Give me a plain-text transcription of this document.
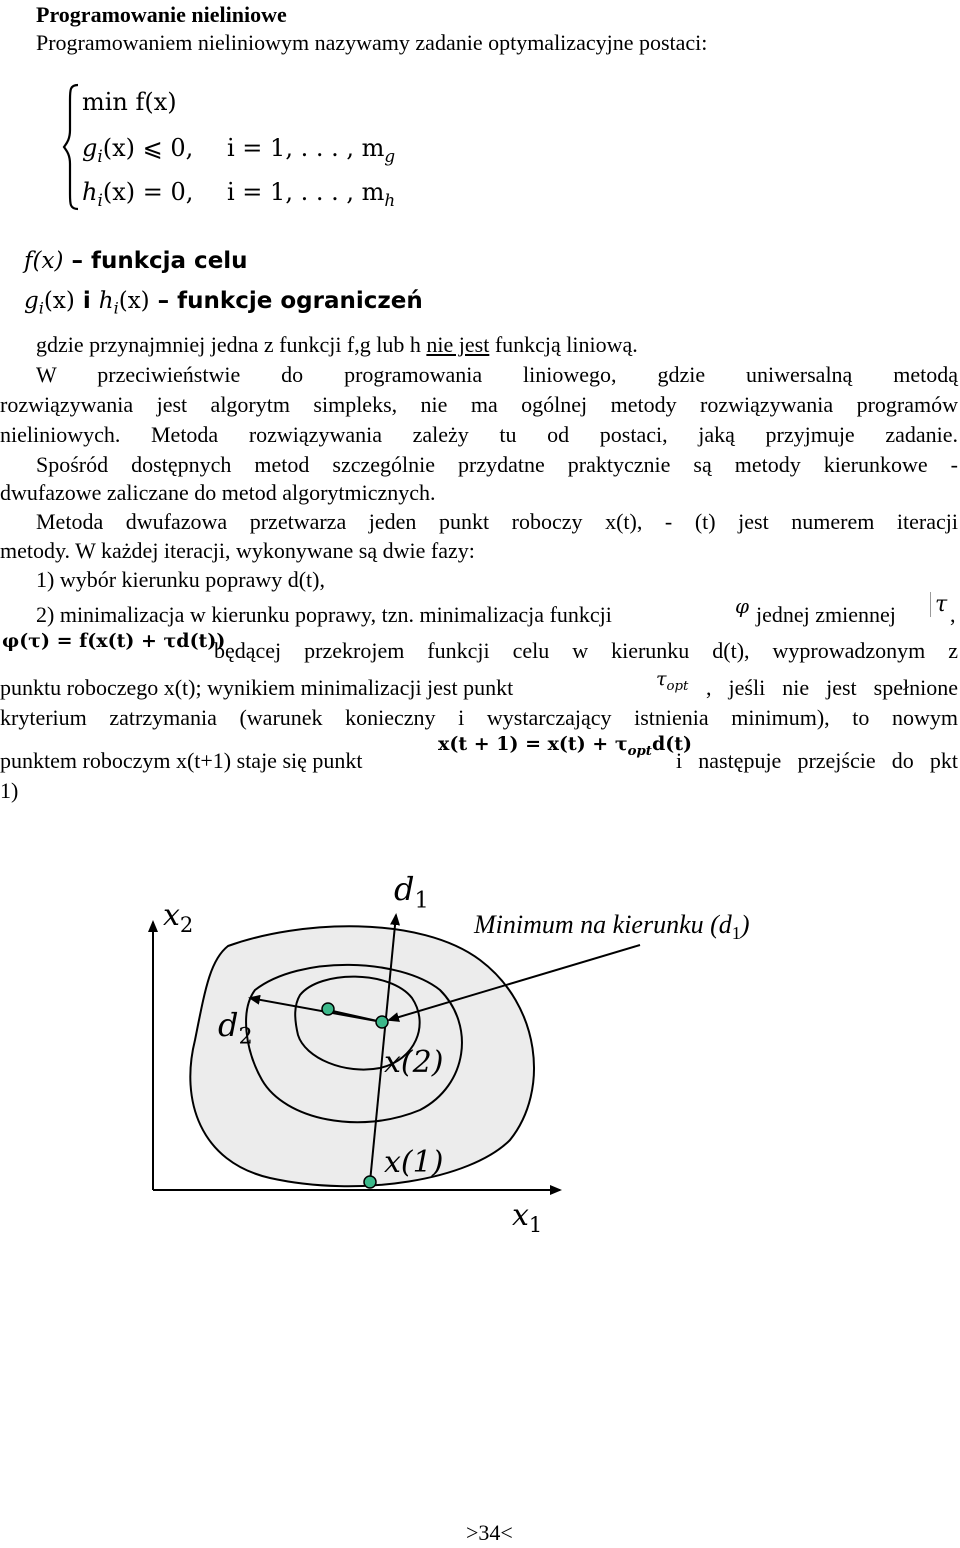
Programowanie nieliniowe
Programowaniem nieliniowym nazywamy zadanie optymalizacyjne postaci:
min f(x)
$g_i(x)$ ⩽ 0, i = 1, . . . , $m_g$
$h_i(x) = 0$, i = 1, . . . , $m_h$
f(x) – funkcja celu
$g_i(x)$ i $h_i(x)$ – funkcje ograniczeń
gdzie przynajmniej jedna z funkcji f,g lub h nie jest funkcją liniową.
W przeciwieństwie do programowania liniowego, gdzie uniwersalną metodą
rozwiązywania jest algorytm simpleks, nie ma ogólnej metody rozwiązywania programów
nieliniowych. Metoda rozwiązywania zależy tu od postaci, jaką przyjmuje zadanie.
Spośród dostępnych metod szczególnie przydatne praktycznie są metody kierunkowe -
dwufazowe zaliczane do metod algorytmicznych.
Metoda dwufazowa przetwarza jeden punkt roboczy x(t), - (t) jest numerem iteracji
metody. W każdej iteracji, wykonywane są dwie fazy:
1) wybór kierunku poprawy d(t),
2) minimalizacja w kierunku poprawy, tzn. minimalizacja funkcji	φ jednej zmiennej τ ,
φ(τ) = f(x(t) + τd(t))
będącej przekrojem funkcji celu w kierunku d(t), wyprowadzonym z
punktu roboczego x(t); wynikiem minimalizacji jest punkt	$\tau_{opt}$ , jeśli nie jest spełnione
kryterium zatrzymania (warunek konieczny i wystarczający istnienia minimum), to nowym
punktem roboczym x(t+1) staje się punkt
$x(t + 1) = x(t) + \tau_{opt}d(t)$
i następuje przejście do pkt
1)
$x_2$
$x_1$
$d_1$
$d_2$
x(2)
x(1)
Minimum na kierunku $(d_1)$
>34<
